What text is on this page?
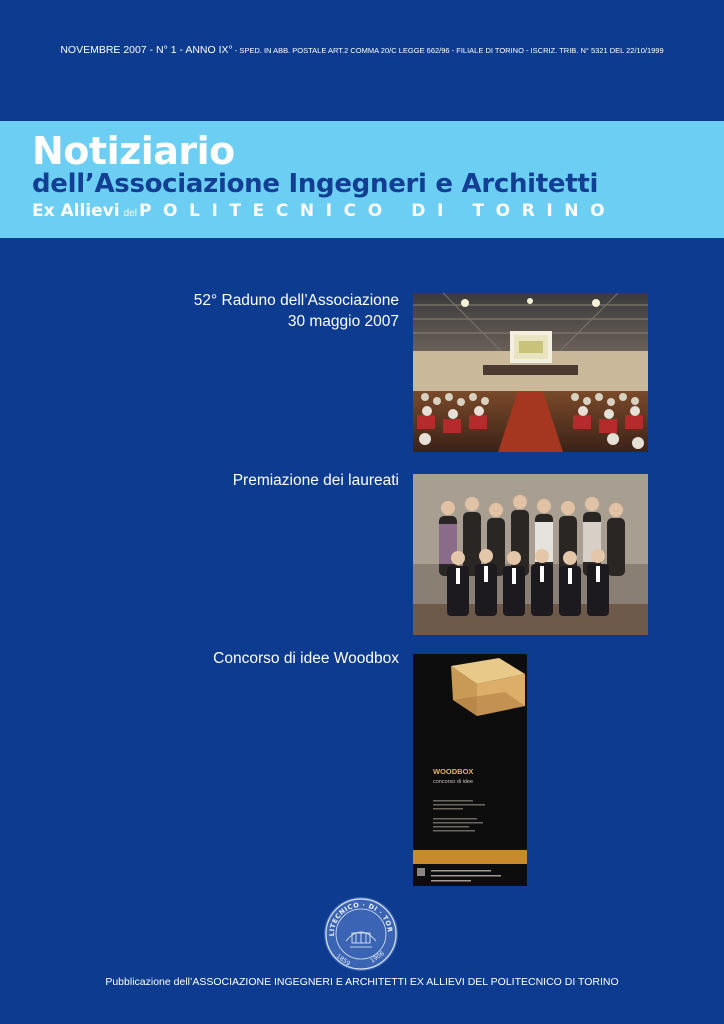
NOVEMBRE 2007 - N° 1 - ANNO IX° - SPED. IN ABB. POSTALE ART.2 COMMA 20/C LEGGE 662/96 - FILIALE DI TORINO - ISCRIZ. TRIB. N° 5321 DEL 22/10/1999
Notiziario
dell’Associazione Ingegneri e Architetti
Ex Allievi del POLITECNICO DI TORINO
52° Raduno dell’Associazione
30 maggio 2007
Premiazione dei laureati
Concorso di idee Woodbox
WOODBOX
concorso di idee
LITECNICO · DI · TOR
1859	1906
Pubblicazione dell’ASSOCIAZIONE INGEGNERI E ARCHITETTI EX ALLIEVI DEL POLITECNICO DI TORINO
